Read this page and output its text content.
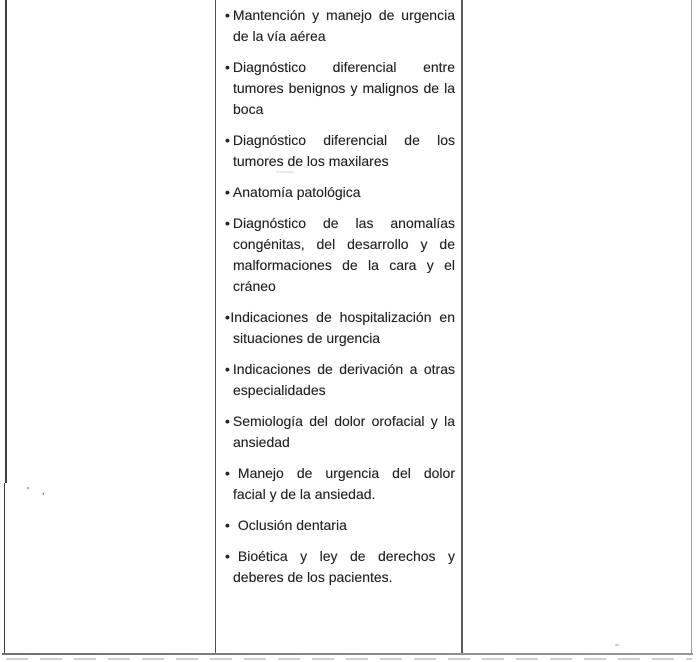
' ,
• Mantención y manejo de urgencia de la vía aérea
• Diagnóstico diferencial entre tumores benignos y malignos de la boca
• Diagnóstico diferencial de los tumores de los maxilares
• Anatomía patológica
• Diagnóstico de las anomalías congénitas, del desarrollo y de malformaciones de la cara y el cráneo
•Indicaciones de hospitalización en situaciones de urgencia
• Indicaciones de derivación a otras especialidades
• Semiología del dolor orofacial y la ansiedad
• Manejo de urgencia del dolor facial y de la ansiedad.
• Oclusión dentaria
• Bioética y ley de derechos y deberes de los pacientes.
